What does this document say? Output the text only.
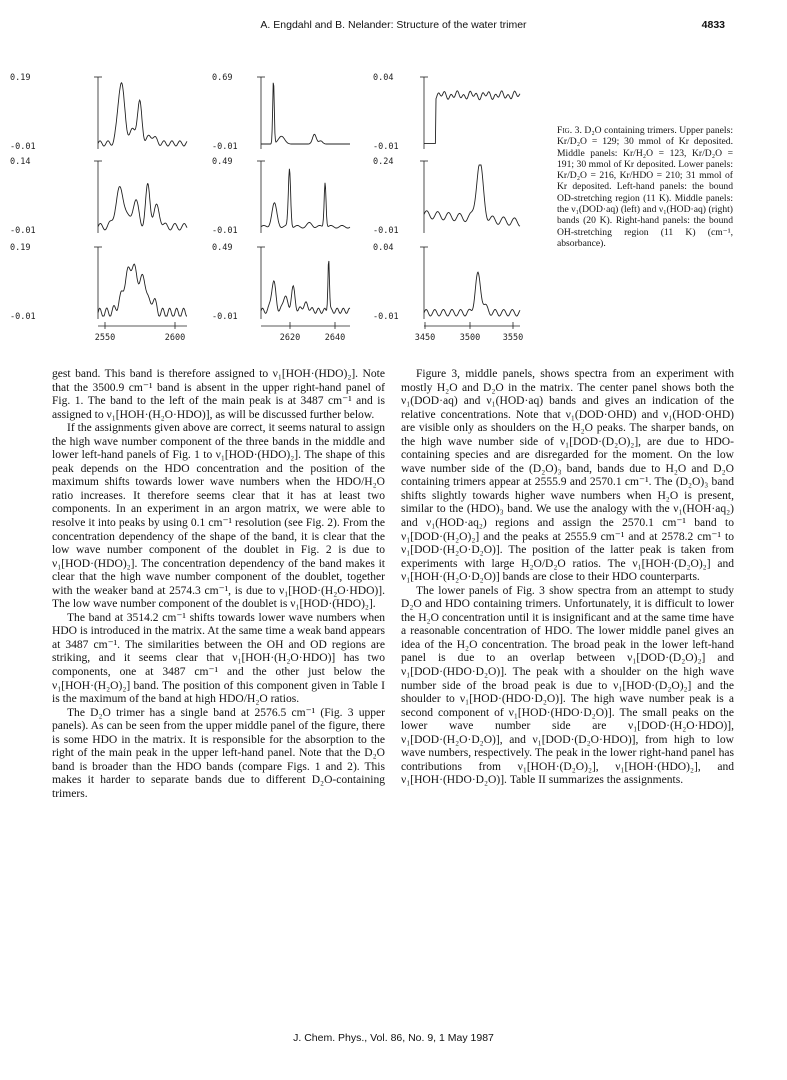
A. Engdahl and B. Nelander: Structure of the water trimer	4833
0.19
-0.01
0.69
-0.01
0.04
-0.01
0.14
-0.01
0.49
-0.01
0.24
-0.01
0.19
-0.01
0.49
-0.01
0.04
-0.01
2550	2600	2620	2640	3450	3500	3550
Fig. 3. D₂O containing trimers. Upper panels: Kr/D₂O = 129; 30 mmol of Kr deposited. Middle panels: Kr/H₂O = 123, Kr/D₂O = 191; 30 mmol of Kr deposited. Lower panels: Kr/D₂O = 216, Kr/HDO = 210; 31 mmol of Kr deposited. Left-hand panels: the bound OD-stretching region (11 K). Middle panels: the ν₁(DOD·aq) (left) and ν₁(HOD·aq) (right) bands (20 K). Right-hand panels: the bound OH-stretching region (11 K) (cm⁻¹, absorbance).

gest band. This band is therefore assigned to ν₁[HOH·(HDO)₂]. Note that the 3500.9 cm⁻¹ band is absent in the upper right-hand panel of Fig. 1. The band to the left of the main peak is at 3487 cm⁻¹ and is assigned to ν₁[HOH·(H₂O·HDO)], as will be discussed further below.

If the assignments given above are correct, it seems natural to assign the high wave number component of the three bands in the middle and lower left-hand panels of Fig. 1 to ν₁[HOD·(HDO)₂]. The shape of this peak depends on the HDO concentration and the position of the maximum shifts towards lower wave numbers when the HDO/H₂O ratio increases. It therefore seems clear that it has at least two components. In an experiment in an argon matrix, we were able to resolve it into peaks by using 0.1 cm⁻¹ resolution (see Fig. 2). From the concentration dependency of the shape of the band, it is clear that the low wave number component of the doublet in Fig. 2 is due to ν₁[HOD·(HDO)₂]. The concentration dependency of the band makes it clear that the high wave number component of the doublet, together with the weaker band at 2574.3 cm⁻¹, is due to ν₁[HOD·(H₂O·HDO)]. The low wave number component of the doublet is ν₁[HOD·(HDO)₂].

The band at 3514.2 cm⁻¹ shifts towards lower wave numbers when HDO is introduced in the matrix. At the same time a weak band appears at 3487 cm⁻¹. The similarities between the OH and OD regions are striking, and it seems clear that ν₁[HOH·(H₂O·HDO)] has two components, one at 3487 cm⁻¹ and the other just below the ν₁[HOH·(H₂O)₂] band. The position of this component given in Table I is the maximum of the band at high HDO/H₂O ratios.

The D₂O trimer has a single band at 2576.5 cm⁻¹ (Fig. 3 upper panels). As can be seen from the upper middle panel of the figure, there is some HDO in the matrix. It is responsible for the absorption to the right of the main peak in the upper left-hand panel. Note that the D₂O band is broader than the HDO bands (compare Figs. 1 and 2). This makes it harder to separate bands due to different D₂O-containing trimers.

Figure 3, middle panels, shows spectra from an experiment with mostly H₂O and D₂O in the matrix. The center panel shows both the ν₁(DOD·aq) and ν₁(HOD·aq) bands and gives an indication of the relative concentrations. Note that ν₁(DOD·OHD) and ν₁(HOD·OHD) are visible only as shoulders on the H₂O peaks. The sharper bands, on the high wave number side of ν₁[DOD·(D₂O)₂], are due to HDO-containing species and are disregarded for the moment. On the low wave number side of the (D₂O)₃ band, bands due to H₂O and D₂O containing trimers appear at 2555.9 and 2570.1 cm⁻¹. The (D₂O)₃ band shifts slightly towards higher wave numbers when H₂O is present, similar to the (HDO)₃ band. We use the analogy with the ν₁(HOH·aq₂) and ν₁(HOD·aq₂) regions and assign the 2570.1 cm⁻¹ band to ν₁[DOD·(H₂O)₂] and the peaks at 2555.9 cm⁻¹ and at 2578.2 cm⁻¹ to ν₁[DOD·(H₂O·D₂O)]. The position of the latter peak is taken from experiments with large H₂O/D₂O ratios. The ν₁[HOH·(D₂O)₂] and ν₁[HOH·(H₂O·D₂O)] bands are close to their HDO counterparts.

The lower panels of Fig. 3 show spectra from an attempt to study D₂O and HDO containing trimers. Unfortunately, it is difficult to lower the H₂O concentration until it is insignificant and at the same time have a reasonable concentration of HDO. The lower middle panel gives an idea of the H₂O concentration. The broad peak in the lower left-hand panel is due to an overlap between ν₁[DOD·(D₂O)₂] and ν₁[DOD·(HDO·D₂O)]. The peak with a shoulder on the high wave number side of the broad peak is due to ν₁[HOD·(D₂O)₂] and the shoulder to ν₁[HOD·(HDO·D₂O)]. The high wave number peak is a second component of ν₁[HOD·(HDO·D₂O)]. The small peaks on the lower wave number side are ν₁[DOD·(H₂O·HDO)], ν₁[DOD·(H₂O·D₂O)], and ν₁[DOD·(D₂O·HDO)], from high to low wave numbers, respectively. The peak in the lower right-hand panel has contributions from ν₁[HOH·(D₂O)₂], ν₁[HOH·(HDO)₂], and ν₁[HOH·(HDO·D₂O)]. Table II summarizes the assignments.

J. Chem. Phys., Vol. 86, No. 9, 1 May 1987
